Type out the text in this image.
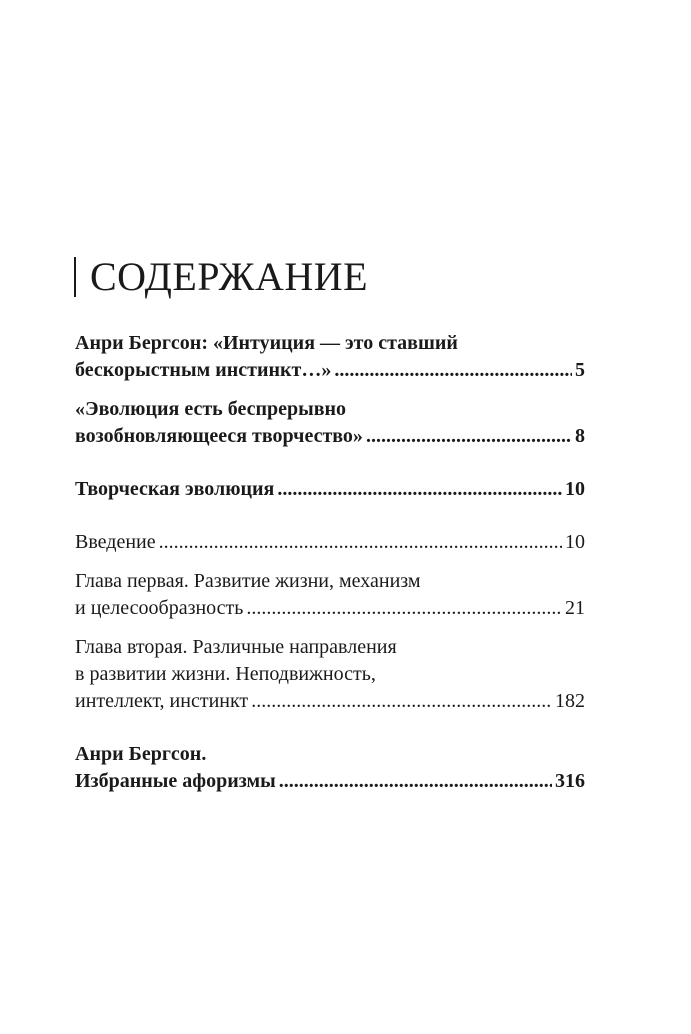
СОДЕРЖАНИЕ
Анри Бергсон: «Интуиция — это ставший
бескорыстным инстинкт…» .....	5
«Эволюция есть беспрерывно
возобновляющееся творчество» .....	8
Творческая эволюция .....	10
Введение .....	10
Глава первая. Развитие жизни, механизм
и целесообразность .....	21
Глава вторая. Различные направления
в развитии жизни. Неподвижность,
интеллект, инстинкт .....	182
Анри Бергсон.
Избранные афоризмы .....	316
